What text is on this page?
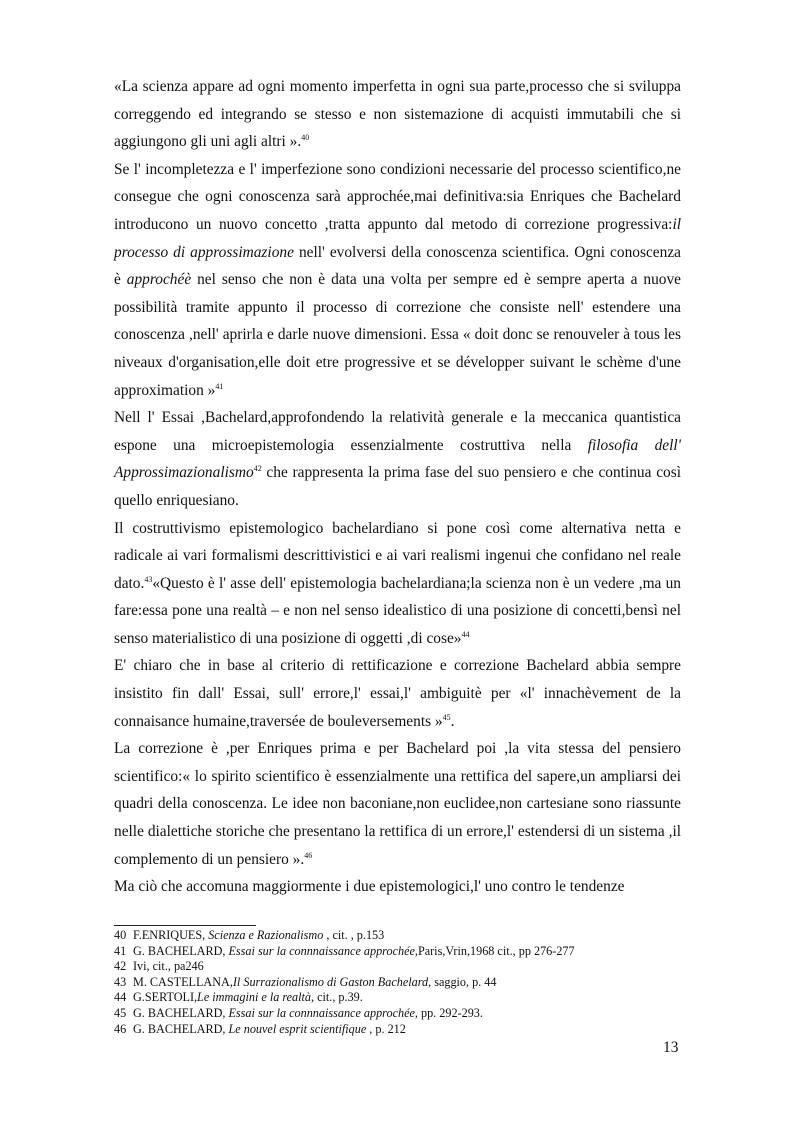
«La scienza appare ad ogni momento imperfetta in ogni sua parte,processo che si sviluppa correggendo ed integrando se stesso e non sistemazione di acquisti immutabili che si aggiungono gli uni agli altri ».$^{40}$

Se l' incompletezza e l' imperfezione sono condizioni necessarie del processo scientifico,ne consegue che ogni conoscenza sarà approchée,mai definitiva:sia Enriques che Bachelard introducono un nuovo concetto ,tratta appunto dal metodo di correzione progressiva:il processo di approssimazione nell' evolversi della conoscenza scientifica. Ogni conoscenza è approchéè nel senso che non è data una volta per sempre ed è sempre aperta a nuove possibilità tramite appunto il processo di correzione che consiste nell' estendere una conoscenza ,nell' aprirla e darle nuove dimensioni. Essa « doit donc se renouveler à tous les niveaux d'organisation,elle doit etre progressive et se développer suivant le schème d'une approximation »$^{41}$

Nell l' Essai ,Bachelard,approfondendo la relatività generale e la meccanica quantistica espone una microepistemologia essenzialmente costruttiva nella filosofia dell' Approssimazionalismo$^{42}$ che rappresenta la prima fase del suo pensiero e che continua così quello enriquesiano.

Il costruttivismo epistemologico bachelardiano si pone così come alternativa netta e radicale ai vari formalismi descrittivistici e ai vari realismi ingenui che confidano nel reale dato.$^{43}$«Questo è l' asse dell' epistemologia bachelardiana;la scienza non è un vedere ,ma un fare:essa pone una realtà – e non nel senso idealistico di una posizione di concetti,bensì nel senso materialistico di una posizione di oggetti ,di cose»$^{44}$

E' chiaro che in base al criterio di rettificazione e correzione Bachelard abbia sempre insistito fin dall' Essai, sull' errore,l' essai,l' ambiguitè per «l' innachèvement de la connaisance humaine,traversée de bouleversements »$^{45}$.

La correzione è ,per Enriques prima e per Bachelard poi ,la vita stessa del pensiero scientifico:« lo spirito scientifico è essenzialmente una rettifica del sapere,un ampliarsi dei quadri della conoscenza. Le idee non baconiane,non euclidee,non cartesiane sono riassunte nelle dialettiche storiche che presentano la rettifica di un errore,l' estendersi di un sistema ,il complemento di un pensiero ».$^{46}$

Ma ciò che accomuna maggiormente i due epistemologici,l' uno contro le tendenze

40 F.ENRIQUES, Scienza e Razionalismo , cit. , p.153
41 G. BACHELARD, Essai sur la connnaissance approchée,Paris,Vrin,1968 cit., pp 276-277
42 Ivi, cit., pa246
43 M. CASTELLANA,Il Surrazionalismo di Gaston Bachelard, saggio, p. 44
44 G.SERTOLI,Le immagini e la realtà, cit., p.39.
45 G. BACHELARD, Essai sur la connnaissance approchée, pp. 292-293.
46 G. BACHELARD, Le nouvel esprit scientifique , p. 212
13
